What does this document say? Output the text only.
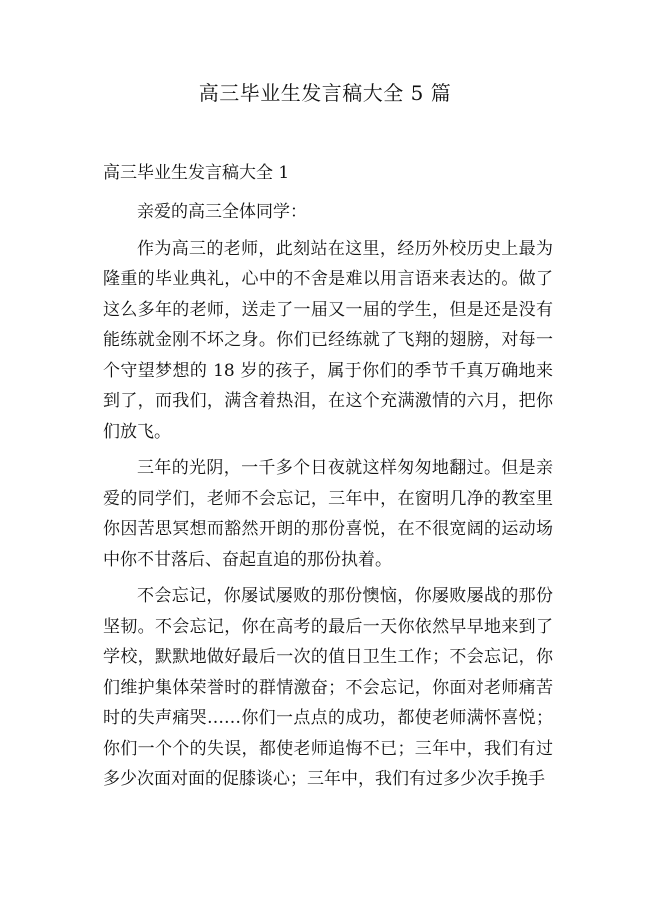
高三毕业生发言稿大全 5 篇
高三毕业生发言稿大全 1

亲爱的高三全体同学：

作为高三的老师，此刻站在这里，经历外校历史上最为隆重的毕业典礼，心中的不舍是难以用言语来表达的。做了这么多年的老师，送走了一届又一届的学生，但是还是没有能练就金刚不坏之身。你们已经练就了飞翔的翅膀，对每一个守望梦想的 18 岁的孩子，属于你们的季节千真万确地来到了，而我们，满含着热泪，在这个充满激情的六月，把你们放飞。

三年的光阴，一千多个日夜就这样匆匆地翻过。但是亲爱的同学们，老师不会忘记，三年中，在窗明几净的教室里你因苦思冥想而豁然开朗的那份喜悦，在不很宽阔的运动场中你不甘落后、奋起直追的那份执着。

不会忘记，你屡试屡败的那份懊恼，你屡败屡战的那份坚韧。不会忘记，你在高考的最后一天你依然早早地来到了学校，默默地做好最后一次的值日卫生工作；不会忘记，你们维护集体荣誉时的群情激奋；不会忘记，你面对老师痛苦时的失声痛哭……你们一点点的成功，都使老师满怀喜悦；你们一个个的失误，都使老师追悔不已；三年中，我们有过多少次面对面的促膝谈心；三年中，我们有过多少次手挽手
